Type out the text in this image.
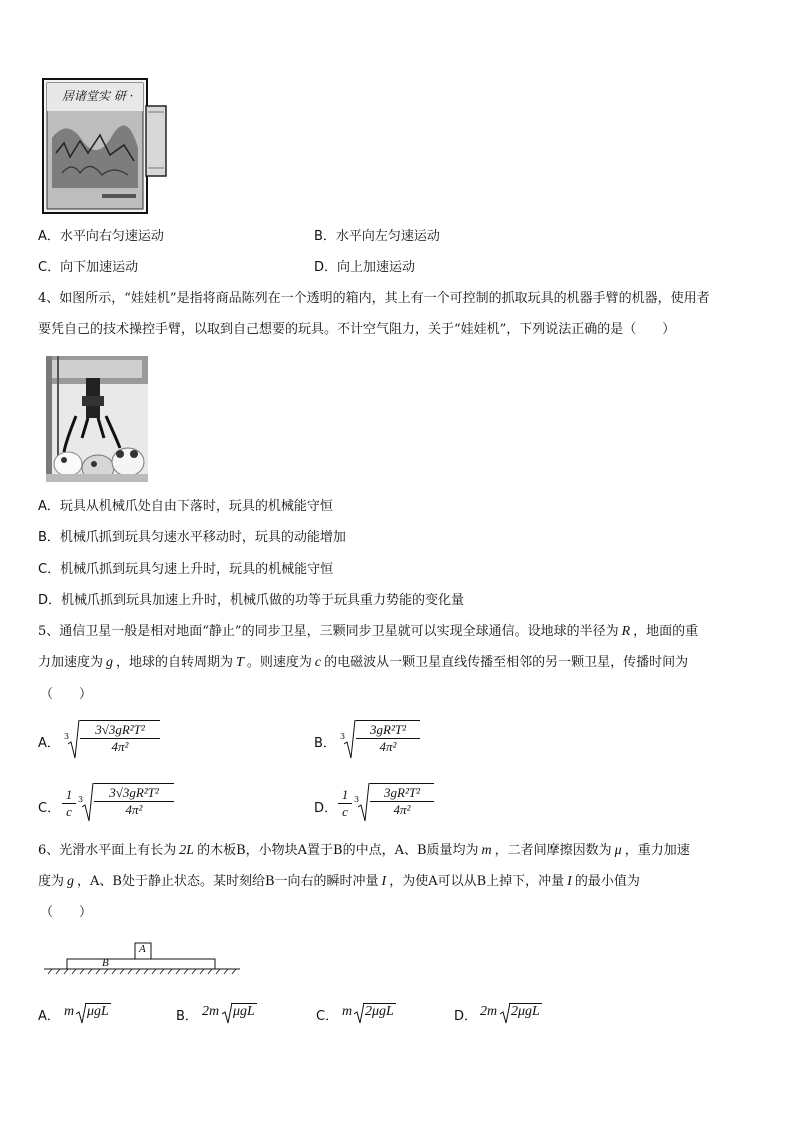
居诸堂实 研 ·
A．水平向右匀速运动	B．水平向左匀速运动
C．向下加速运动	D．向上加速运动
4、如图所示，“娃娃机”是指将商品陈列在一个透明的箱内，其上有一个可控制的抓取玩具的机器手臂的机器，使用者
要凭自己的技术操控手臂，以取到自己想要的玩具。不计空气阻力，关于“娃娃机”，下列说法正确的是（　　）
A．玩具从机械爪处自由下落时，玩具的机械能守恒
B．机械爪抓到玩具匀速水平移动时，玩具的动能增加
C．机械爪抓到玩具匀速上升时，玩具的机械能守恒
D．机械爪抓到玩具加速上升时，机械爪做的功等于玩具重力势能的变化量
5、通信卫星一般是相对地面“静止”的同步卫星，三颗同步卫星就可以实现全球通信。设地球的半径为 R ，地面的重
力加速度为 g ，地球的自转周期为 T 。则速度为 c 的电磁波从一颗卫星直线传播至相邻的另一颗卫星，传播时间为
（　　）
A． $3 \frac{\text{3√3gR²T²}}{\text{4π²}}$	B． $3 \frac{\text{3gR²T²}}{\text{4π²}}$
C． $\frac{1}{c} 3 \frac{\text{3√3gR²T²}}{\text{4π²}}$	D． $\frac{1}{c} 3 \frac{\text{3gR²T²}}{\text{4π²}}$
6、光滑水平面上有长为 2L 的木板B，小物块A置于B的中点，A、B质量均为 m ，二者间摩擦因数为 μ ，重力加速
度为 g ，A、B处于静止状态。某时刻给B一向右的瞬时冲量 I ，为使A可以从B上掉下，冲量 I 的最小值为
（　　）
A
B
A． m μgL	B． 2m μgL	C． m 2μgL	D． 2m 2μgL
